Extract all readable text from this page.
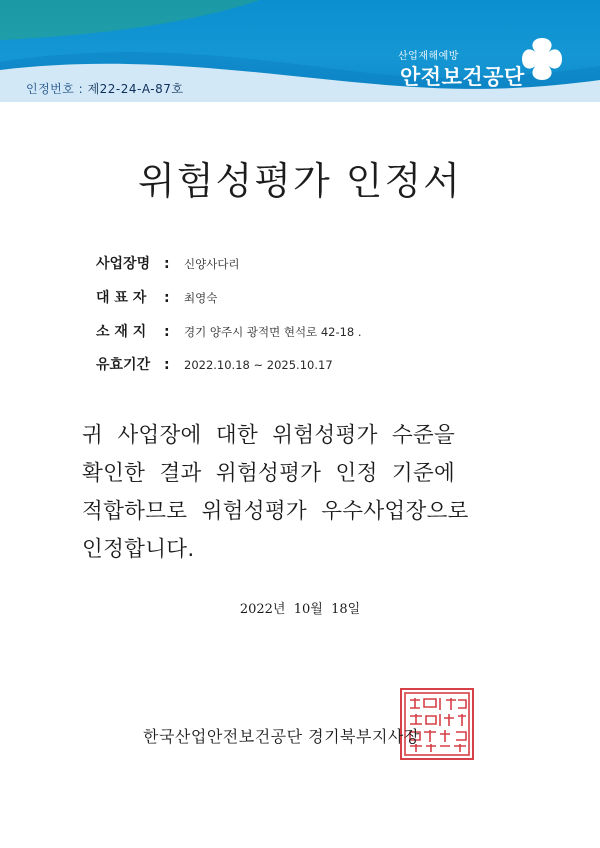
인정번호 : 제22-24-A-87호
산업재해예방
안전보건공단
위험성평가 인정서
사업장명 : 신양사다리
대 표 자 : 최영숙
소 재 지 : 경기 양주시 광적면 현석로 42-18 .
유효기간 : 2022.10.18 ~ 2025.10.17
귀  사업장에  대한  위험성평가  수준을
확인한  결과  위험성평가  인정  기준에
적합하므로  위험성평가  우수사업장으로
인정합니다.
2022년  10월  18일
한국산업안전보건공단 경기북부지사장
